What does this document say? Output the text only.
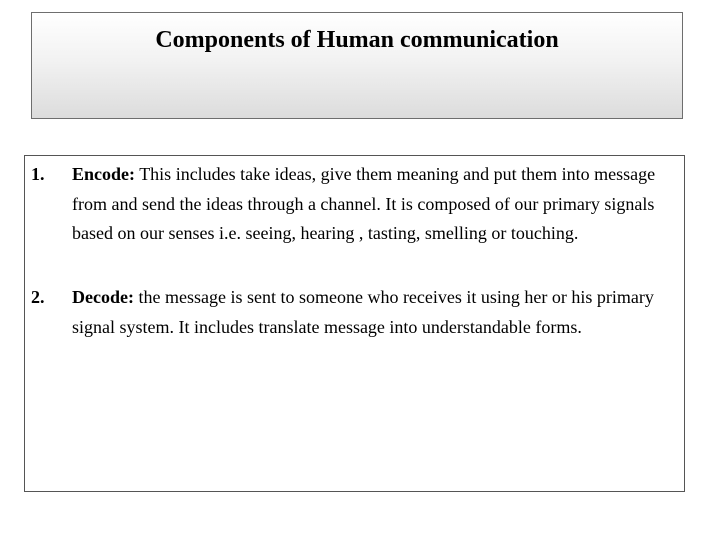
Components of Human communication
1. Encode: This includes take ideas, give them meaning and put them into message from and send the ideas through a channel. It is composed of our primary signals based on our senses i.e. seeing, hearing , tasting, smelling or touching.
2. Decode: the message is sent to someone who receives it using her or his primary signal system. It includes translate message into understandable forms.
